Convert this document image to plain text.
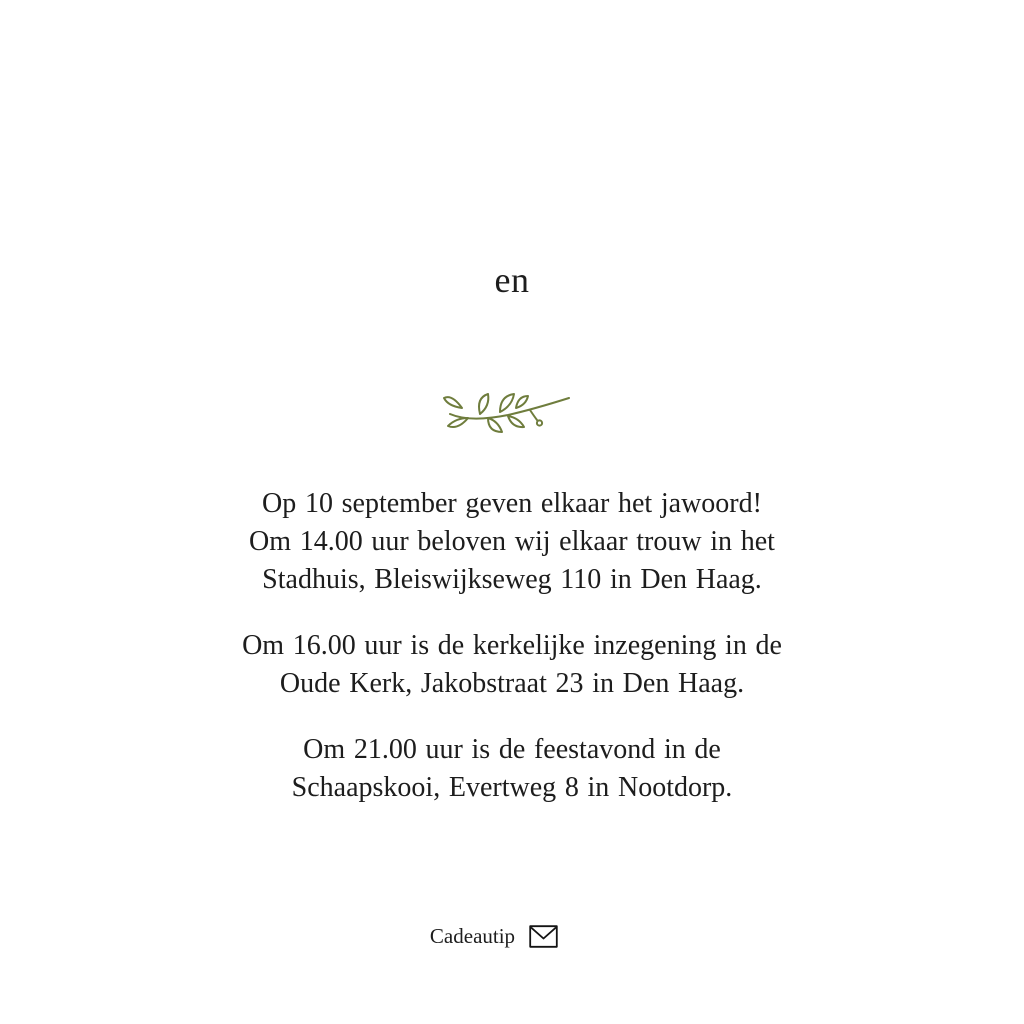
en

Op 10 september geven elkaar het jawoord!
Om 14.00 uur beloven wij elkaar trouw in het
Stadhuis, Bleiswijkseweg 110 in Den Haag.

Om 16.00 uur is de kerkelijke inzegening in de
Oude Kerk, Jakobstraat 23 in Den Haag.

Om 21.00 uur is de feestavond in de
Schaapskooi, Evertweg 8 in Nootdorp.

Cadeautip
